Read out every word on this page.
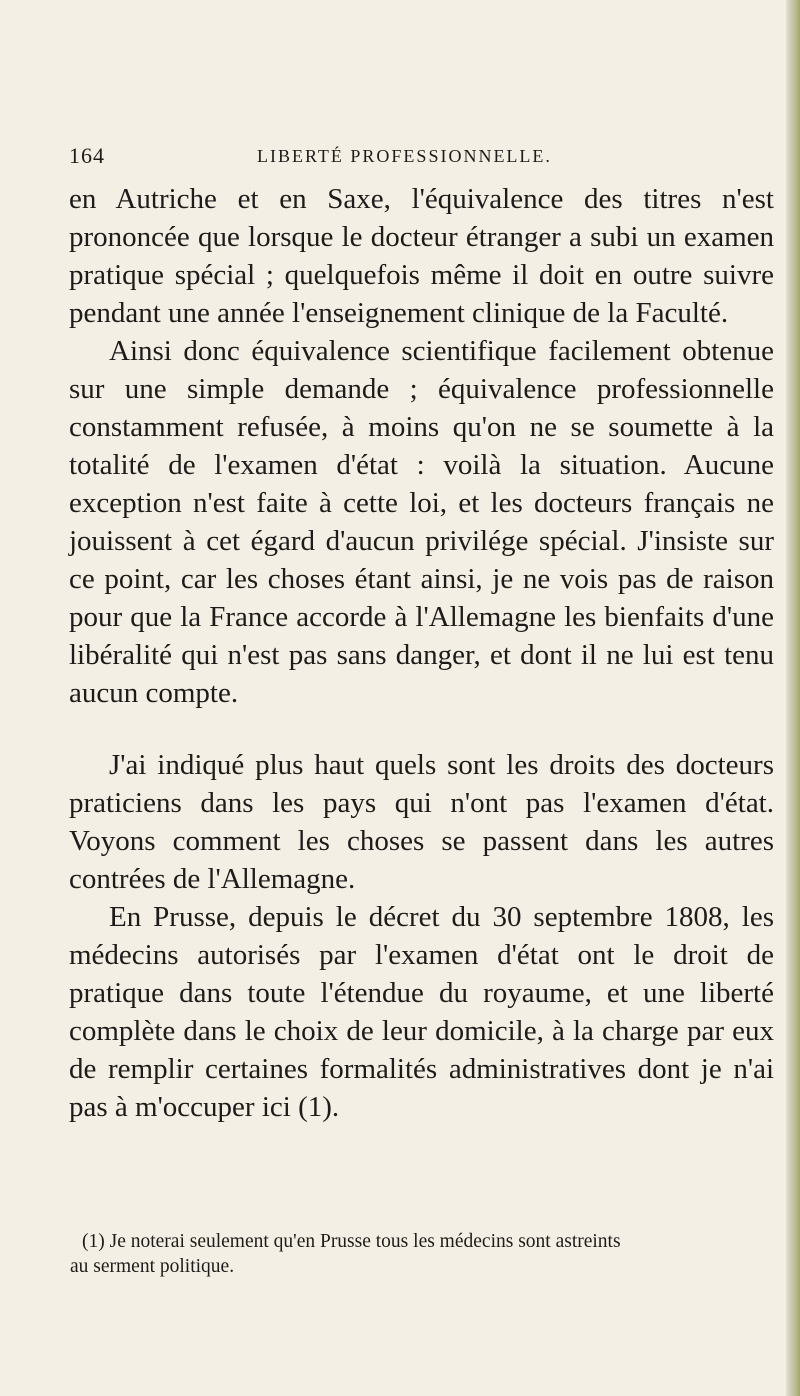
164	LIBERTÉ PROFESSIONNELLE.

en Autriche et en Saxe, l'équivalence des titres n'est prononcée que lorsque le docteur étranger a subi un examen pratique spécial ; quelquefois même il doit en outre suivre pendant une année l'enseignement clinique de la Faculté.

Ainsi donc équivalence scientifique facilement obtenue sur une simple demande ; équivalence professionnelle constamment refusée, à moins qu'on ne se soumette à la totalité de l'examen d'état : voilà la situation. Aucune exception n'est faite à cette loi, et les docteurs français ne jouissent à cet égard d'aucun privilége spécial. J'insiste sur ce point, car les choses étant ainsi, je ne vois pas de raison pour que la France accorde à l'Allemagne les bienfaits d'une libéralité qui n'est pas sans danger, et dont il ne lui est tenu aucun compte.

J'ai indiqué plus haut quels sont les droits des docteurs praticiens dans les pays qui n'ont pas l'examen d'état. Voyons comment les choses se passent dans les autres contrées de l'Allemagne.

En Prusse, depuis le décret du 30 septembre 1808, les médecins autorisés par l'examen d'état ont le droit de pratique dans toute l'étendue du royaume, et une liberté complète dans le choix de leur domicile, à la charge par eux de remplir certaines formalités administratives dont je n'ai pas à m'occuper ici (1).

(1) Je noterai seulement qu'en Prusse tous les médecins sont astreints
au serment politique.
